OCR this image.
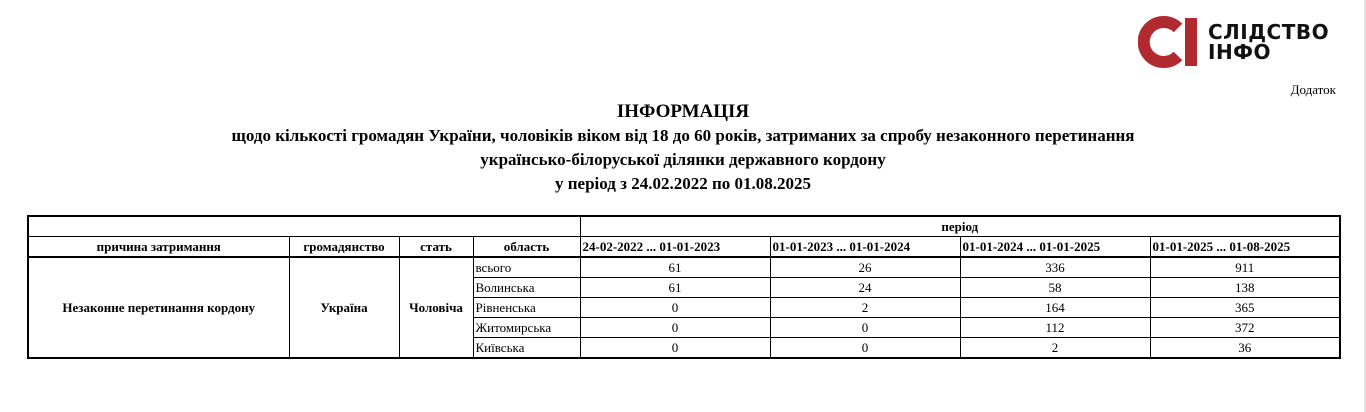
СЛІДСТВО
ІНФО
Додаток
ІНФОРМАЦІЯ
щодо кількості громадян України, чоловіків віком від 18 до 60 років, затриманих за спробу незаконного перетинання
українсько-білоруської ділянки державного кордону
у період з 24.02.2022 по 01.08.2025
				період			
причина затримання	громадянство	стать	область	24-02-2022 ... 01-01-2023	01-01-2023 ... 01-01-2024	01-01-2024 ... 01-01-2025	01-01-2025 ... 01-08-2025
Незаконне перетинання кордону	Україна	Чоловіча	всього	61	26	336	911
			Волинська	61	24	58	138
			Рівненська	0	2	164	365
			Житомирська	0	0	112	372
			Київська	0	0	2	36
